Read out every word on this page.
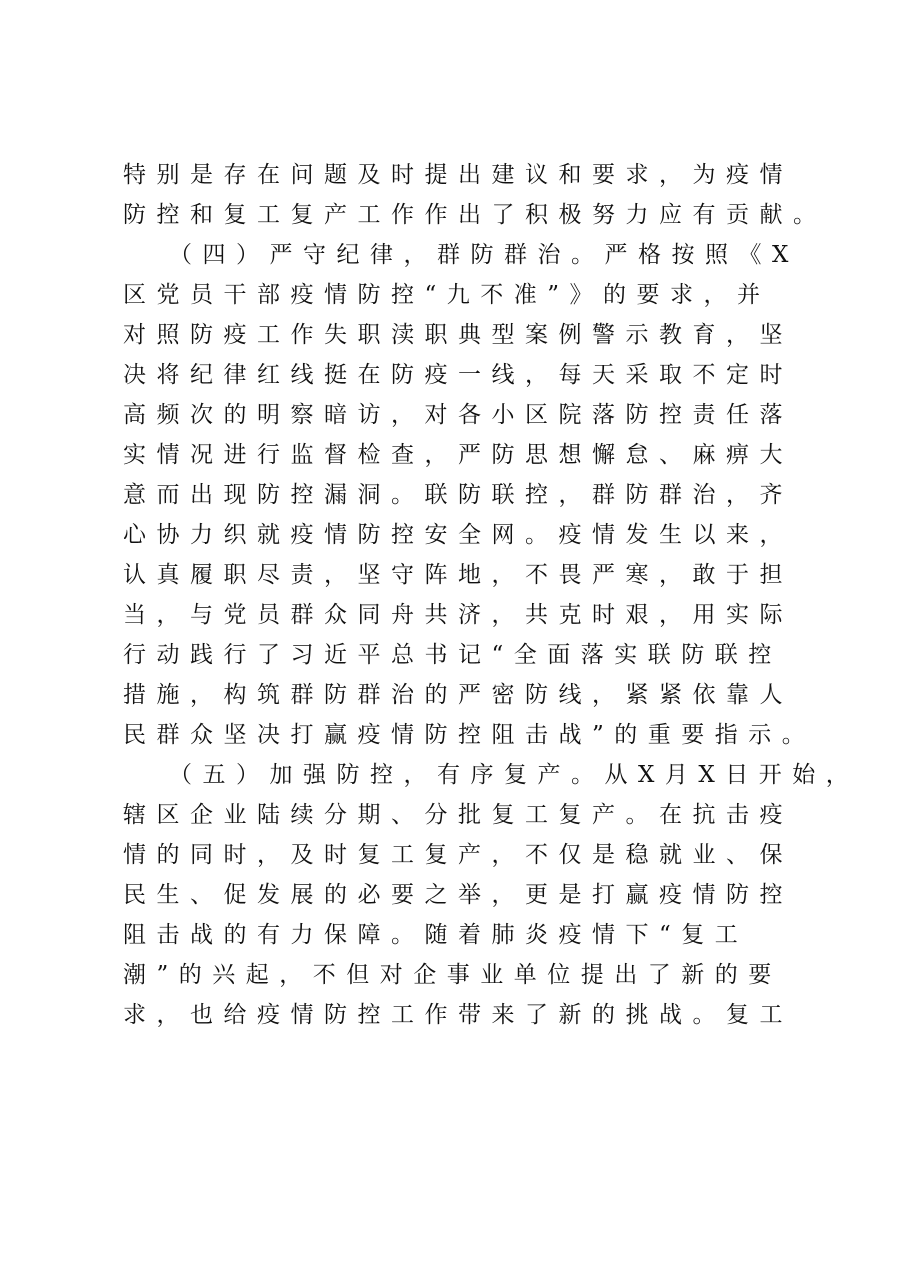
特别是存在问题及时提出建议和要求，为疫情
防控和复工复产工作作出了积极努力应有贡献。
（四）严守纪律，群防群治。严格按照《X
区党员干部疫情防控“九不准”》的要求，并
对照防疫工作失职渎职典型案例警示教育，坚
决将纪律红线挺在防疫一线，每天采取不定时
高频次的明察暗访，对各小区院落防控责任落
实情况进行监督检查，严防思想懈怠、麻痹大
意而出现防控漏洞。联防联控，群防群治，齐
心协力织就疫情防控安全网。疫情发生以来，
认真履职尽责，坚守阵地，不畏严寒，敢于担
当，与党员群众同舟共济，共克时艰，用实际
行动践行了习近平总书记“全面落实联防联控
措施，构筑群防群治的严密防线，紧紧依靠人
民群众坚决打赢疫情防控阻击战”的重要指示。
（五）加强防控，有序复产。从X月X日开始，
辖区企业陆续分期、分批复工复产。在抗击疫
情的同时，及时复工复产，不仅是稳就业、保
民生、促发展的必要之举，更是打赢疫情防控
阻击战的有力保障。随着肺炎疫情下“复工
潮”的兴起，不但对企事业单位提出了新的要
求，也给疫情防控工作带来了新的挑战。复工
